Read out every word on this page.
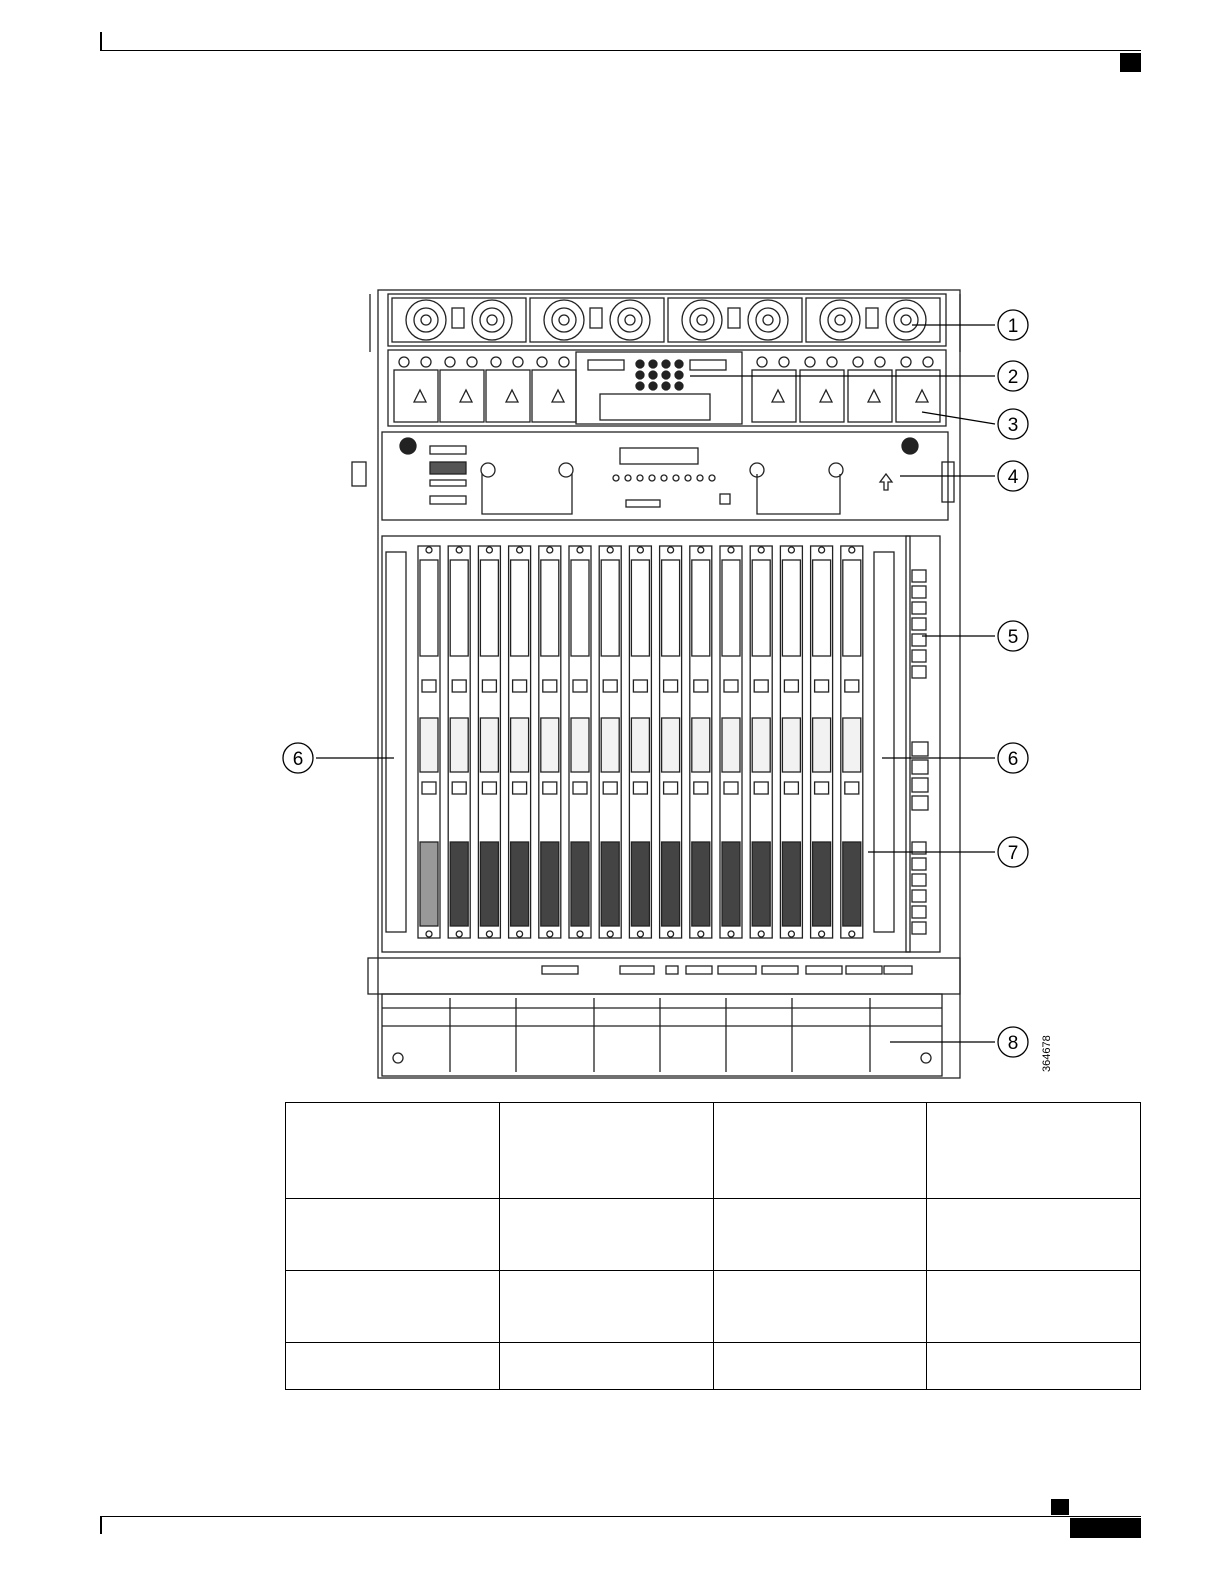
1
2
3
4
5
6	6
7
8 364678
